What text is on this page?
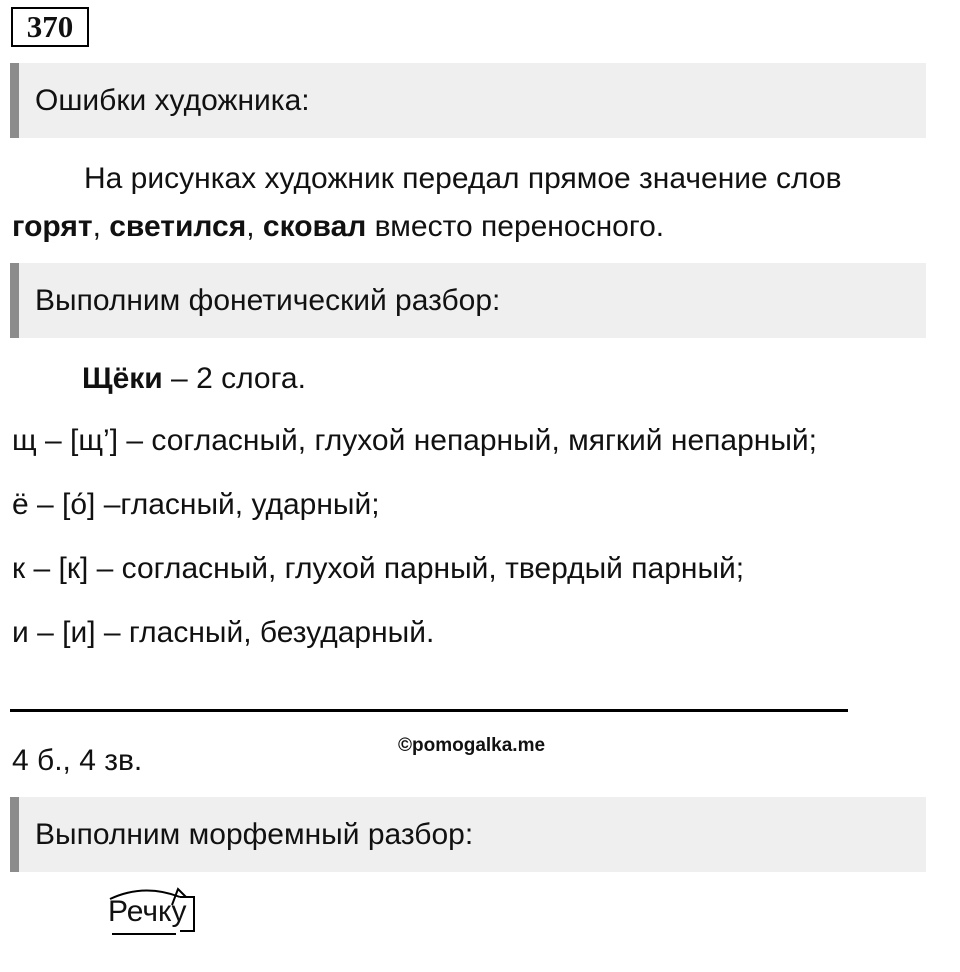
370
Ошибки художника:
На рисунках художник передал прямое значение слов
горят, светился, сковал вместо переносного.
Выполним фонетический разбор:
Щёки – 2 слога.
щ – [щ’] – согласный, глухой непарный, мягкий непарный;
ё – [о́] –гласный, ударный;
к – [к] – согласный, глухой парный, твердый парный;
и – [и] – гласный, безударный.
4 б., 4 зв.	©pomogalka.me
Выполним морфемный разбор:
Речку
